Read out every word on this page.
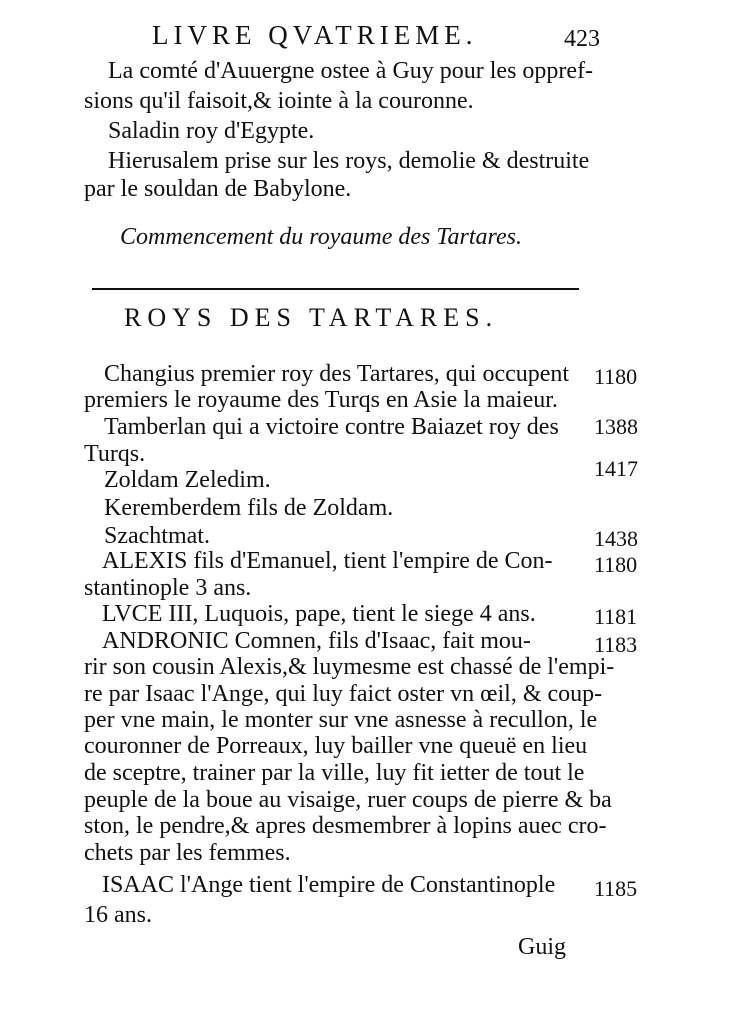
LIVRE QVATRIEME.	423
La comté d'Auuergne ostee à Guy pour les oppref-
sions qu'il faisoit,& iointe à la couronne.
Saladin roy d'Egypte.
Hierusalem prise sur les roys, demolie & destruite
par le souldan de Babylone.
Commencement du royaume des Tartares.
ROYS DES TARTARES.
Changius premier roy des Tartares, qui occupent
premiers le royaume des Turqs en Asie la maieur.
Tamberlan qui a victoire contre Baiazet roy des
Turqs.
Zoldam Zeledim.
Keremberdem fils de Zoldam.
Szachtmat.
ALEXIS fils d'Emanuel, tient l'empire de Con-
stantinople 3 ans.
LVCE III, Luquois, pape, tient le siege 4 ans.
ANDRONIC Comnen, fils d'Isaac, fait mou-
rir son cousin Alexis,& luymesme est chassé de l'empi-
re par Isaac l'Ange, qui luy faict oster vn œil, & coup-
per vne main, le monter sur vne asnesse à recullon, le
couronner de Porreaux, luy bailler vne queuë en lieu
de sceptre, trainer par la ville, luy fit ietter de tout le
peuple de la boue au visaige, ruer coups de pierre & ba
ston, le pendre,& apres desmembrer à lopins auec cro-
chets par les femmes.
ISAAC l'Ange tient l'empire de Constantinople
16 ans.
1180
1388
1417
1438
1180
1181
1183
1185
Guig
